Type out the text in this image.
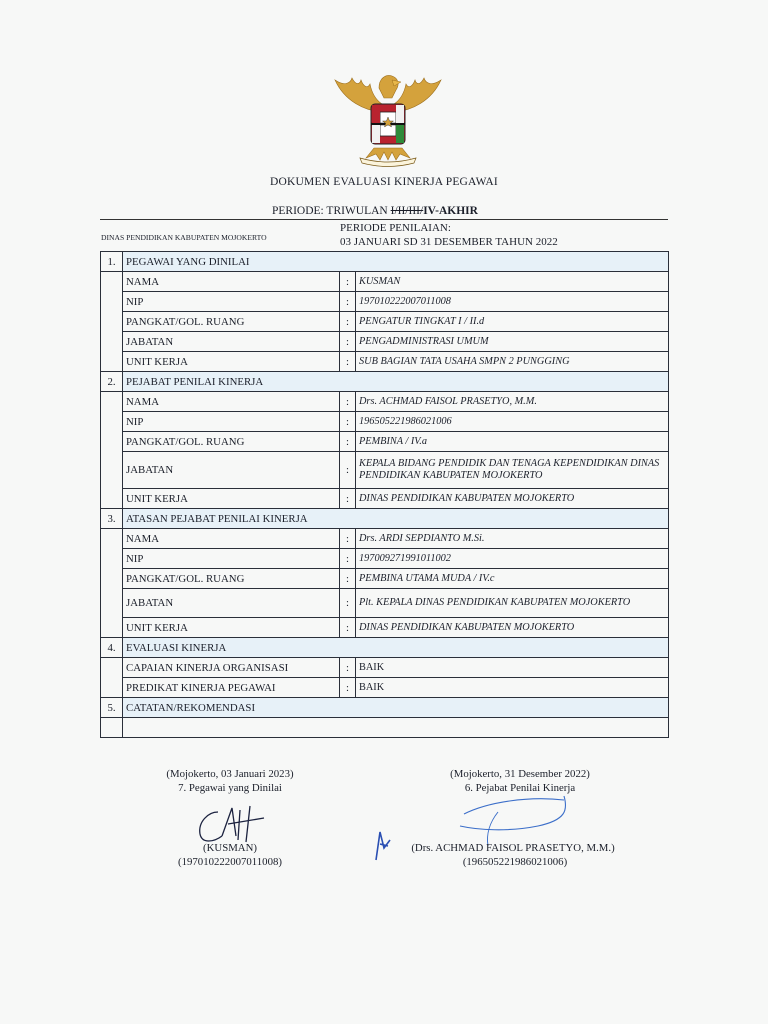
DOKUMEN EVALUASI KINERJA PEGAWAI
PERIODE: TRIWULAN I/II/III/IV-AKHIR
DINAS PENDIDIKAN KABUPATEN MOJOKERTO
PERIODE PENILAIAN:
03 JANUARI SD 31 DESEMBER TAHUN 2022
1.	PEGAWAI YANG DINILAI		
	NAMA	:	KUSMAN
	NIP	:	197010222007011008
	PANGKAT/GOL. RUANG	:	PENGATUR TINGKAT I / II.d
	JABATAN	:	PENGADMINISTRASI UMUM
	UNIT KERJA	:	SUB BAGIAN TATA USAHA SMPN 2 PUNGGING
2.	PEJABAT PENILAI KINERJA		
	NAMA	:	Drs. ACHMAD FAISOL PRASETYO, M.M.
	NIP	:	196505221986021006
	PANGKAT/GOL. RUANG	:	PEMBINA / IV.a
	JABATAN	:	KEPALA BIDANG PENDIDIK DAN TENAGA KEPENDIDIKAN DINAS PENDIDIKAN KABUPATEN MOJOKERTO
	UNIT KERJA	:	DINAS PENDIDIKAN KABUPATEN MOJOKERTO
3.	ATASAN PEJABAT PENILAI KINERJA		
	NAMA	:	Drs. ARDI SEPDIANTO M.Si.
	NIP	:	197009271991011002
	PANGKAT/GOL. RUANG	:	PEMBINA UTAMA MUDA / IV.c
	JABATAN	:	Plt. KEPALA DINAS PENDIDIKAN KABUPATEN MOJOKERTO
	UNIT KERJA	:	DINAS PENDIDIKAN KABUPATEN MOJOKERTO
4.	EVALUASI KINERJA		
	CAPAIAN KINERJA ORGANISASI	:	BAIK
	PREDIKAT KINERJA PEGAWAI	:	BAIK
5.	CATATAN/REKOMENDASI		

(Mojokerto, 03 Januari 2023)
7. Pegawai yang Dinilai
(KUSMAN)
(197010222007011008)
(Mojokerto, 31 Desember 2022)
6. Pejabat Penilai Kinerja
(Drs. ACHMAD FAISOL PRASETYO, M.M.)
(196505221986021006)
